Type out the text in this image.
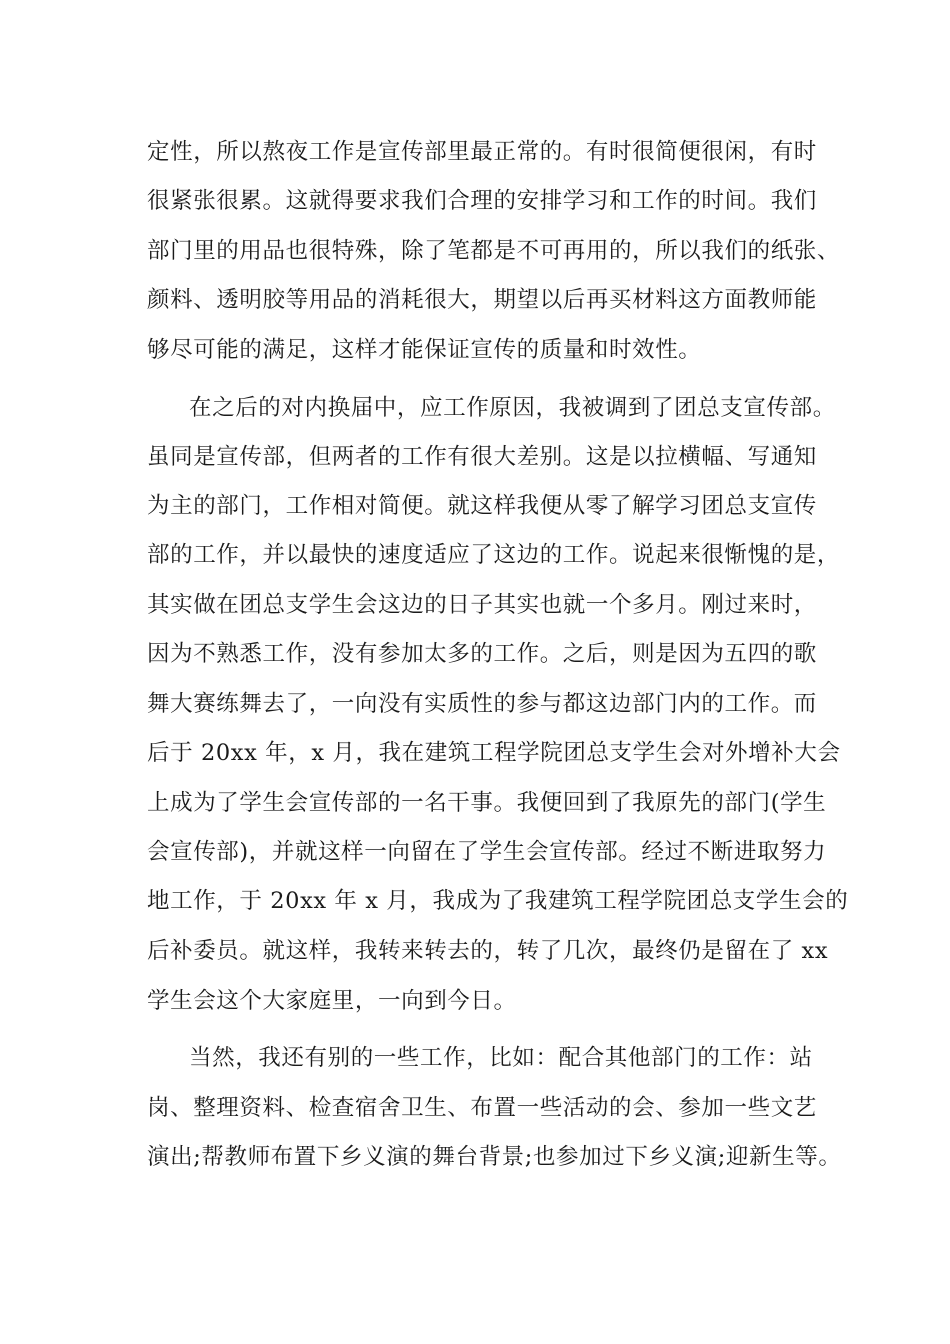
定性，所以熬夜工作是宣传部里最正常的。有时很简便很闲，有时
很紧张很累。这就得要求我们合理的安排学习和工作的时间。我们
部门里的用品也很特殊，除了笔都是不可再用的，所以我们的纸张、
颜料、透明胶等用品的消耗很大，期望以后再买材料这方面教师能
够尽可能的满足，这样才能保证宣传的质量和时效性。
在之后的对内换届中，应工作原因，我被调到了团总支宣传部。
虽同是宣传部，但两者的工作有很大差别。这是以拉横幅、写通知
为主的部门，工作相对简便。就这样我便从零了解学习团总支宣传
部的工作，并以最快的速度适应了这边的工作。说起来很惭愧的是，
其实做在团总支学生会这边的日子其实也就一个多月。刚过来时，
因为不熟悉工作，没有参加太多的工作。之后，则是因为五四的歌
舞大赛练舞去了，一向没有实质性的参与都这边部门内的工作。而
后于 20xx 年，x 月，我在建筑工程学院团总支学生会对外增补大会
上成为了学生会宣传部的一名干事。我便回到了我原先的部门(学生
会宣传部)，并就这样一向留在了学生会宣传部。经过不断进取努力
地工作，于 20xx 年 x 月，我成为了我建筑工程学院团总支学生会的
后补委员。就这样，我转来转去的，转了几次，最终仍是留在了 xx
学生会这个大家庭里，一向到今日。
当然，我还有别的一些工作，比如：配合其他部门的工作：站
岗、整理资料、检查宿舍卫生、布置一些活动的会、参加一些文艺
演出;帮教师布置下乡义演的舞台背景;也参加过下乡义演;迎新生等。
